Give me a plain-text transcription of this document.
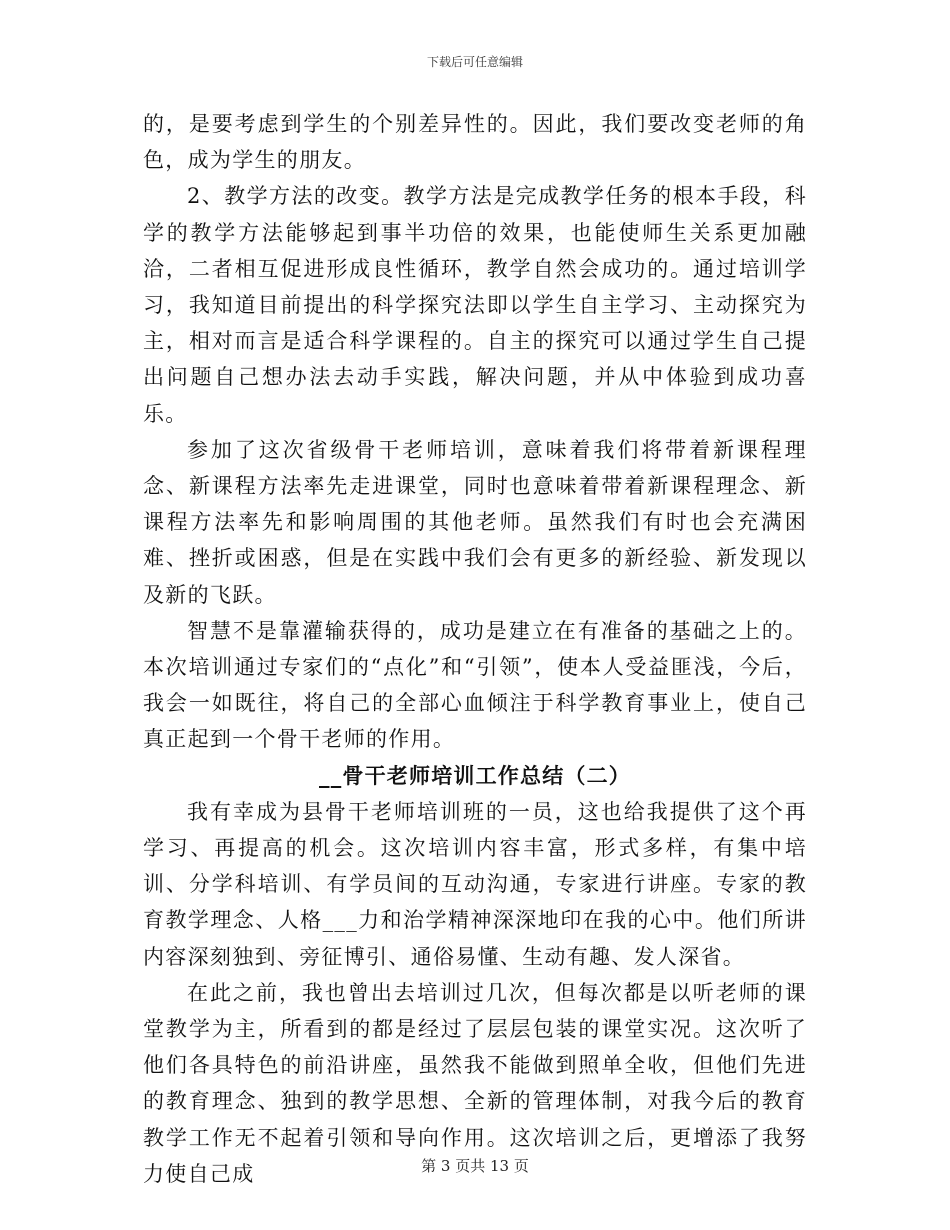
下载后可任意编辑

的，是要考虑到学生的个别差异性的。因此，我们要改变老师的角色，成为学生的朋友。

2、教学方法的改变。教学方法是完成教学任务的根本手段，科学的教学方法能够起到事半功倍的效果，也能使师生关系更加融洽，二者相互促进形成良性循环，教学自然会成功的。通过培训学习，我知道目前提出的科学探究法即以学生自主学习、主动探究为主，相对而言是适合科学课程的。自主的探究可以通过学生自己提出问题自己想办法去动手实践，解决问题，并从中体验到成功喜乐。

参加了这次省级骨干老师培训，意味着我们将带着新课程理念、新课程方法率先走进课堂，同时也意味着带着新课程理念、新课程方法率先和影响周围的其他老师。虽然我们有时也会充满困难、挫折或困惑，但是在实践中我们会有更多的新经验、新发现以及新的飞跃。

智慧不是靠灌输获得的，成功是建立在有准备的基础之上的。本次培训通过专家们的“点化”和“引领”，使本人受益匪浅，今后，我会一如既往，将自己的全部心血倾注于科学教育事业上，使自己真正起到一个骨干老师的作用。

__骨干老师培训工作总结（二）

我有幸成为县骨干老师培训班的一员，这也给我提供了这个再学习、再提高的机会。这次培训内容丰富，形式多样，有集中培训、分学科培训、有学员间的互动沟通，专家进行讲座。专家的教育教学理念、人格___力和治学精神深深地印在我的心中。他们所讲内容深刻独到、旁征博引、通俗易懂、生动有趣、发人深省。

在此之前，我也曾出去培训过几次，但每次都是以听老师的课堂教学为主，所看到的都是经过了层层包装的课堂实况。这次听了他们各具特色的前沿讲座，虽然我不能做到照单全收，但他们先进的教育理念、独到的教学思想、全新的管理体制，对我今后的教育教学工作无不起着引领和导向作用。这次培训之后，更增添了我努力使自己成	第 3 页共 13 页
